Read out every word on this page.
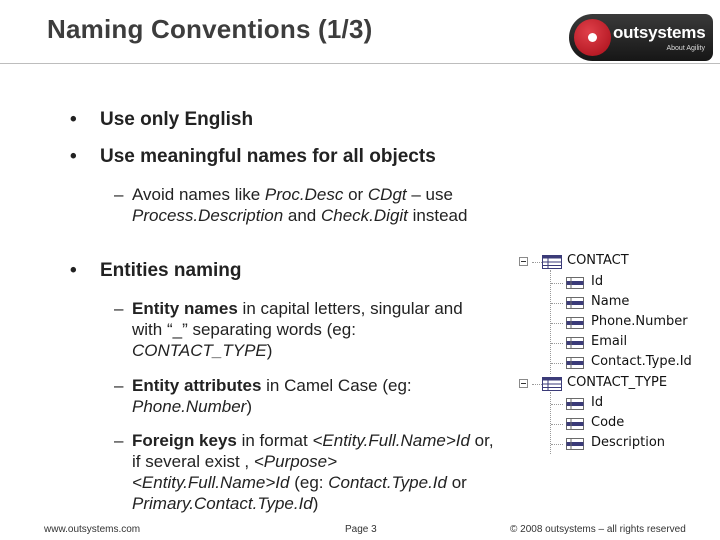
Naming Conventions (1/3)	outsystems
About Agility
• Use only English
• Use meaningful names for all objects
– Avoid names like Proc.Desc or CDgt – use Process.Description and Check.Digit instead
• Entities naming
– Entity names in capital letters, singular and with “_” separating words (eg: CONTACT_TYPE)
– Entity attributes in Camel Case (eg: Phone.Number)
– Foreign keys in format <Entity.Full.Name>Id or, if several exist , <Purpose><Entity.Full.Name>Id (eg: Contact.Type.Id or Primary.Contact.Type.Id)
CONTACT
Id
Name
Phone.Number
Email
Contact.Type.Id
CONTACT_TYPE
Id
Code
Description
www.outsystems.com	Page 3	© 2008 outsystems – all rights reserved
